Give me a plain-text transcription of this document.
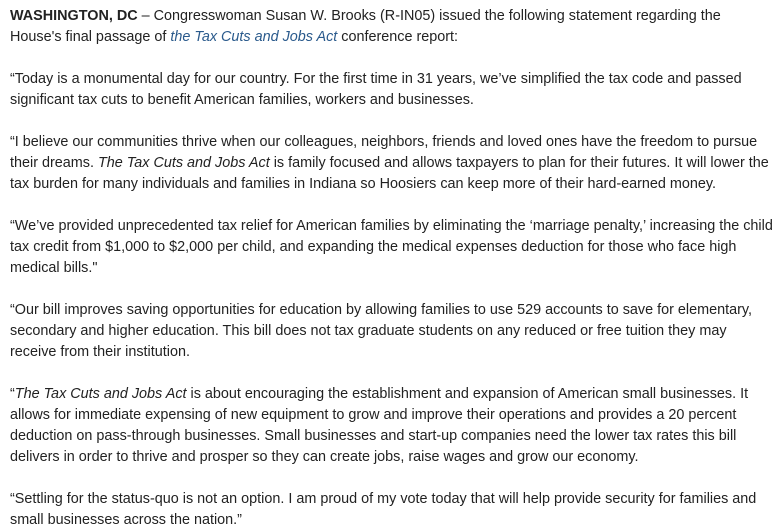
WASHINGTON, DC – Congresswoman Susan W. Brooks (R-IN05) issued the following statement regarding the House's final passage of the Tax Cuts and Jobs Act conference report:

“Today is a monumental day for our country. For the first time in 31 years, we’ve simplified the tax code and passed significant tax cuts to benefit American families, workers and businesses.

“I believe our communities thrive when our colleagues, neighbors, friends and loved ones have the freedom to pursue their dreams. The Tax Cuts and Jobs Act is family focused and allows taxpayers to plan for their futures. It will lower the tax burden for many individuals and families in Indiana so Hoosiers can keep more of their hard-earned money.

“We’ve provided unprecedented tax relief for American families by eliminating the ‘marriage penalty,’ increasing the child tax credit from $1,000 to $2,000 per child, and expanding the medical expenses deduction for those who face high medical bills."

“Our bill improves saving opportunities for education by allowing families to use 529 accounts to save for elementary, secondary and higher education. This bill does not tax graduate students on any reduced or free tuition they may receive from their institution.

“The Tax Cuts and Jobs Act is about encouraging the establishment and expansion of American small businesses. It allows for immediate expensing of new equipment to grow and improve their operations and provides a 20 percent deduction on pass-through businesses. Small businesses and start-up companies need the lower tax rates this bill delivers in order to thrive and prosper so they can create jobs, raise wages and grow our economy.

“Settling for the status-quo is not an option. I am proud of my vote today that will help provide security for families and small businesses across the nation.”
